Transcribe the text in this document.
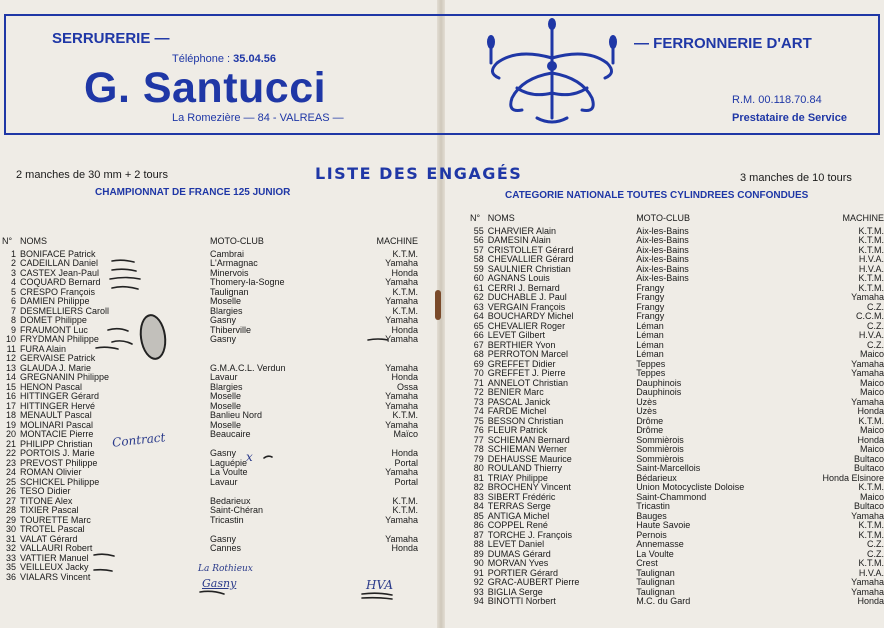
SERRURERIE —	— FERRONNERIE D'ART
Téléphone : 35.04.56
G. Santucci
La Romezière — 84 - VALREAS —
R.M. 00.118.70.84
Prestataire de Service
2 manches de 30 mm + 2 tours	LISTE DES ENGAGÉS	3 manches de 10 tours
CHAMPIONNAT DE FRANCE 125 JUNIOR	CATEGORIE NATIONALE TOUTES CYLINDREES CONFONDUES
N°	NOMS	MOTO-CLUB	MACHINE
1	BONIFACE Patrick	Cambrai	K.T.M.
2	CADEILLAN Daniel	L'Armagnac	Yamaha
3	CASTEX Jean-Paul	Minervois	Honda
4	COQUARD Bernard	Thomery-la-Sogne	Yamaha
5	CRESPO François	Taulignan	K.T.M.
6	DAMIEN Philippe	Moselle	Yamaha
7	DESMELLIERS Caroll	Blargies	K.T.M.
8	DOMET Philippe	Gasny	Yamaha
9	FRAUMONT Luc	Thiberville	Honda
10	FRYDMAN Philippe	Gasny	Yamaha
11	FURA Alain		
12	GERVAISE Patrick		
13	GLAUDA J. Marie	G.M.A.C.L. Verdun	Yamaha
14	GREGNANIN Philippe	Lavaur	Honda
15	HENON Pascal	Blargies	Ossa
16	HITTINGER Gérard	Moselle	Yamaha
17	HITTINGER Hervé	Moselle	Yamaha
18	MENAULT Pascal	Banlieu Nord	K.T.M.
19	MOLINARI Pascal	Moselle	Yamaha
20	MONTACIE Pierre	Beaucaire	Maïco
21	PHILIPP Christian		
22	PORTOIS J. Marie	Gasny	Honda
23	PREVOST Philippe	Laguépie	Portal
24	ROMAN Olivier	La Voulte	Yamaha
25	SCHICKEL Philippe	Lavaur	Portal
26	TESO Didier		
27	TITONE Alex	Bedarieux	K.T.M.
28	TIXIER Pascal	Saint-Chéran	K.T.M.
29	TOURETTE Marc	Tricastin	Yamaha
30	TROTEL Pascal		
31	VALAT Gérard	Gasny	Yamaha
32	VALLAURI Robert	Cannes	Honda
33	VATTIER Manuel		
35	VEILLEUX Jacky		
36	VIALARS Vincent		
N°	NOMS	MOTO-CLUB	MACHINE
55	CHARVIER Alain	Aix-les-Bains	K.T.M.
56	DAMESIN Alain	Aix-les-Bains	K.T.M.
57	CRISTOLLET Gérard	Aix-les-Bains	K.T.M.
58	CHEVALLIER Gérard	Aix-les-Bains	H.V.A.
59	SAULNIER Christian	Aix-les-Bains	H.V.A.
60	AGNANS Louis	Aix-les-Bains	K.T.M.
61	CERRI J. Bernard	Frangy	K.T.M.
62	DUCHABLE J. Paul	Frangy	Yamaha
63	VERGAIN François	Frangy	C.Z.
64	BOUCHARDY Michel	Frangy	C.C.M.
65	CHEVALIER Roger	Léman	C.Z.
66	LEVET Gilbert	Léman	H.V.A.
67	BERTHIER Yvon	Léman	C.Z.
68	PERROTON Marcel	Léman	Maico
69	GREFFET Didier	Teppes	Yamaha
70	GREFFET J. Pierre	Teppes	Yamaha
71	ANNELOT Christian	Dauphinois	Maico
72	BENIER Marc	Dauphinois	Maico
73	PASCAL Janick	Uzès	Yamaha
74	FARDE Michel	Uzès	Honda
75	BESSON Christian	Drôme	K.T.M.
76	FLEUR Patrick	Drôme	Maico
77	SCHIEMAN Bernard	Sommièrois	Honda
78	SCHIEMAN Werner	Sommièrois	Maico
79	DEHAUSSE Maurice	Sommièrois	Bultaco
80	ROULAND Thierry	Saint-Marcellois	Bultaco
81	TRIAY Philippe	Bédarieux	Honda Elsinore
82	BROCHENY Vincent	Union Motocycliste Doloise	K.T.M.
83	SIBERT Frédéric	Saint-Chammond	Maico
84	TERRAS Serge	Tricastin	Bultaco
85	ANTIGA Michel	Bauges	Yamaha
86	COPPEL René	Haute Savoie	K.T.M.
87	TORCHE J. François	Pernois	K.T.M.
88	LEVET Daniel	Annemasse	C.Z.
89	DUMAS Gérard	La Voulte	C.Z.
90	MORVAN Yves	Crest	K.T.M.
91	PORTIER Gérard	Taulignan	H.V.A.
92	GRAC-AUBERT Pierre	Taulignan	Yamaha
93	BIGLIA Serge	Taulignan	Yamaha
94	BINOTTI Norbert	M.C. du Gard	Honda
Contract
x
La Rothieux
Gasny	HVA
